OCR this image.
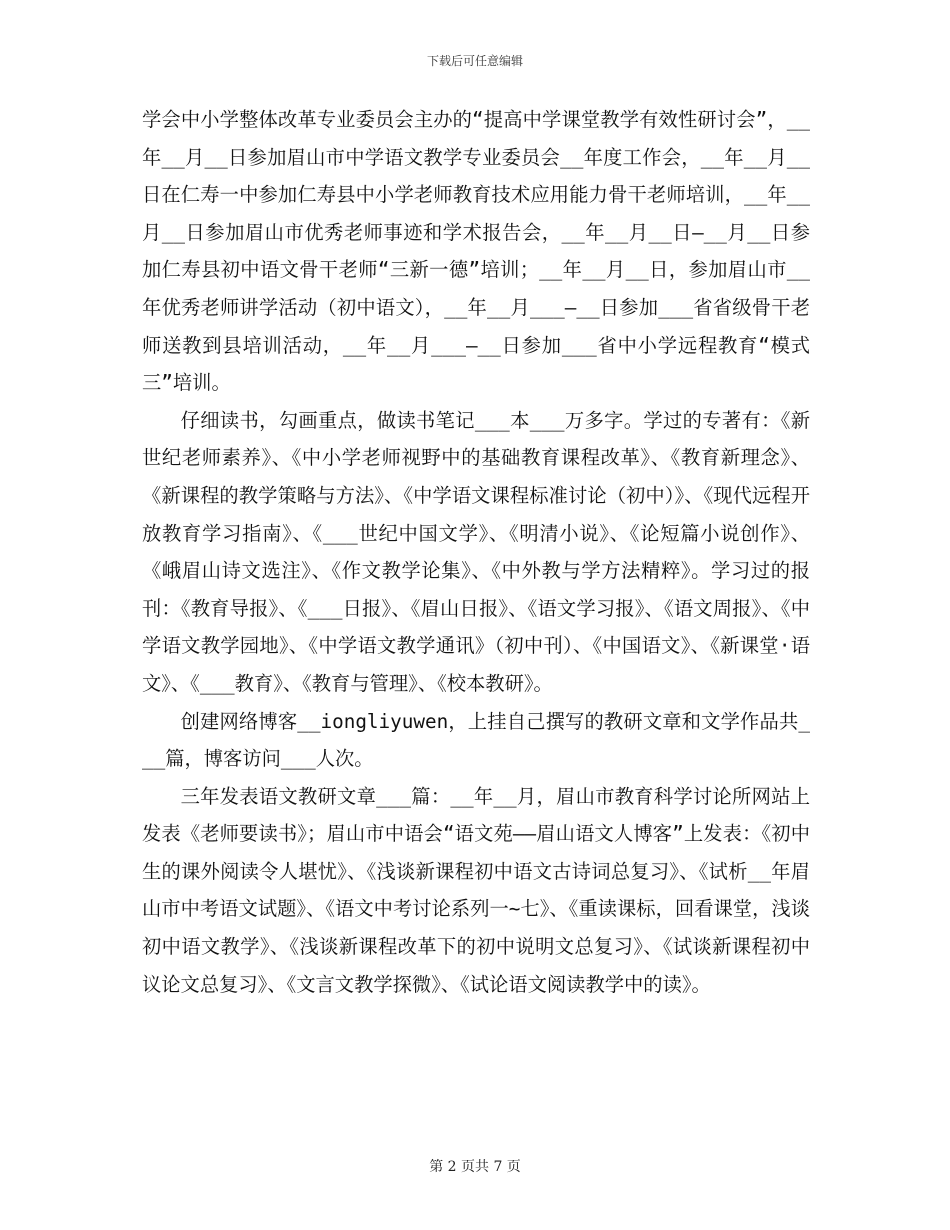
下载后可任意编辑

学会中小学整体改革专业委员会主办的“提高中学课堂教学有效性研讨会”，__年__月__日参加眉山市中学语文教学专业委员会__年度工作会，__年__月__日在仁寿一中参加仁寿县中小学老师教育技术应用能力骨干老师培训，__年__月__日参加眉山市优秀老师事迹和学术报告会，__年__月__日—__月__日参加仁寿县初中语文骨干老师“三新一德”培训；__年__月__日，参加眉山市__年优秀老师讲学活动（初中语文），__年__月___—__日参加___省省级骨干老师送教到县培训活动，__年__月___—__日参加___省中小学远程教育“模式三”培训。

仔细读书，勾画重点，做读书笔记___本___万多字。学过的专著有：《新世纪老师素养》、《中小学老师视野中的基础教育课程改革》、《教育新理念》、《新课程的教学策略与方法》、《中学语文课程标准讨论（初中）》、《现代远程开放教育学习指南》、《___世纪中国文学》、《明清小说》、《论短篇小说创作》、《峨眉山诗文选注》、《作文教学论集》、《中外教与学方法精粹》。学习过的报刊：《教育导报》、《___日报》、《眉山日报》、《语文学习报》、《语文周报》、《中学语文教学园地》、《中学语文教学通讯》（初中刊）、《中国语文》、《新课堂·语文》、《___教育》、《教育与管理》、《校本教研》。

创建网络博客__iongliyuwen，上挂自己撰写的教研文章和文学作品共___篇，博客访问___人次。

三年发表语文教研文章___篇：__年__月，眉山市教育科学讨论所网站上发表《老师要读书》；眉山市中语会“语文苑——眉山语文人博客”上发表：《初中生的课外阅读令人堪忧》、《浅谈新课程初中语文古诗词总复习》、《试析__年眉山市中考语文试题》、《语文中考讨论系列一~七》、《重读课标，回看课堂，浅谈初中语文教学》、《浅谈新课程改革下的初中说明文总复习》、《试谈新课程初中议论文总复习》、《文言文教学探微》、《试论语文阅读教学中的读》。

第 2 页共 7 页
